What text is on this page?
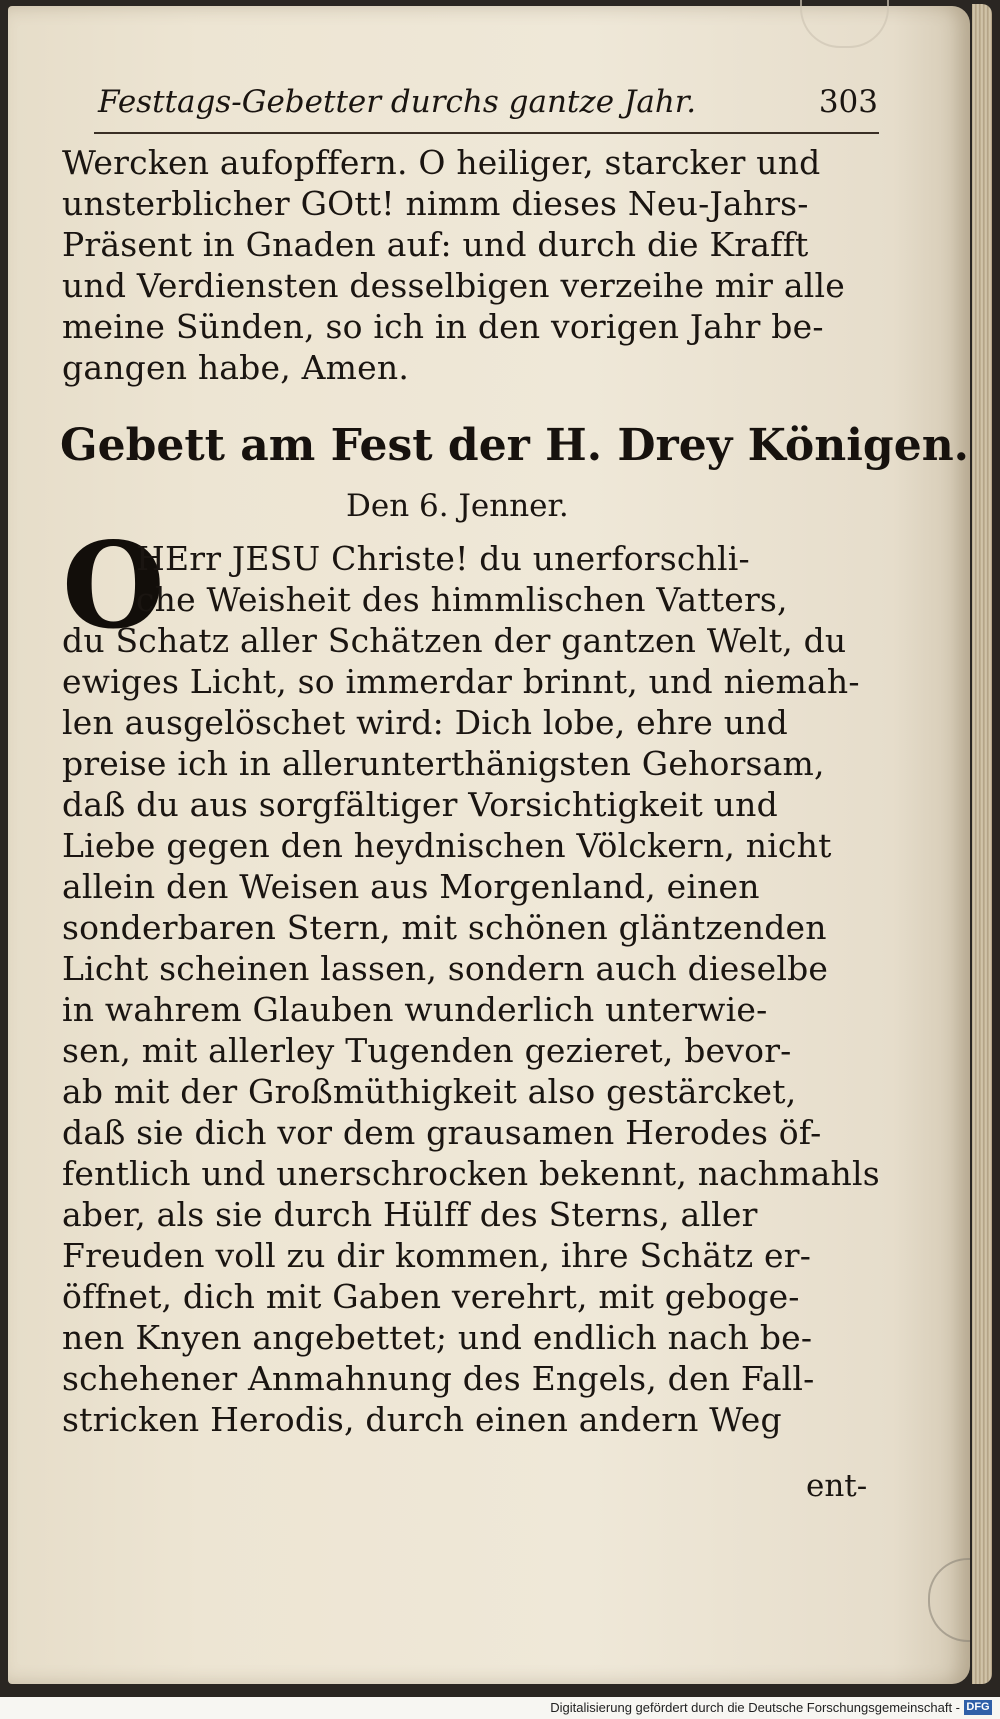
Festtags-Gebetter durchs gantze Jahr.	303
Wercken aufopffern. O heiliger, starcker und
unsterblicher GOtt! nimm dieses Neu-Jahrs-
Präsent in Gnaden auf: und durch die Krafft
und Verdiensten desselbigen verzeihe mir alle
meine Sünden, so ich in den vorigen Jahr be-
gangen habe, Amen.
Gebett am Fest der H. Drey Königen.
Den 6. Jenner.
O
HErr JESU Christe! du unerforschli-
che Weisheit des himmlischen Vatters,
du Schatz aller Schätzen der gantzen Welt, du
ewiges Licht, so immerdar brinnt, und niemah-
len ausgelöschet wird: Dich lobe, ehre und
preise ich in allerunterthänigsten Gehorsam,
daß du aus sorgfältiger Vorsichtigkeit und
Liebe gegen den heydnischen Völckern, nicht
allein den Weisen aus Morgenland, einen
sonderbaren Stern, mit schönen gläntzenden
Licht scheinen lassen, sondern auch dieselbe
in wahrem Glauben wunderlich unterwie-
sen, mit allerley Tugenden gezieret, bevor-
ab mit der Großmüthigkeit also gestärcket,
daß sie dich vor dem grausamen Herodes öf-
fentlich und unerschrocken bekennt, nachmahls
aber, als sie durch Hülff des Sterns, aller
Freuden voll zu dir kommen, ihre Schätz er-
öffnet, dich mit Gaben verehrt, mit geboge-
nen Knyen angebettet; und endlich nach be-
schehener Anmahnung des Engels, den Fall-
stricken Herodis, durch einen andern Weg
ent-
Digitalisierung gefördert durch die Deutsche Forschungsgemeinschaft - DFG
